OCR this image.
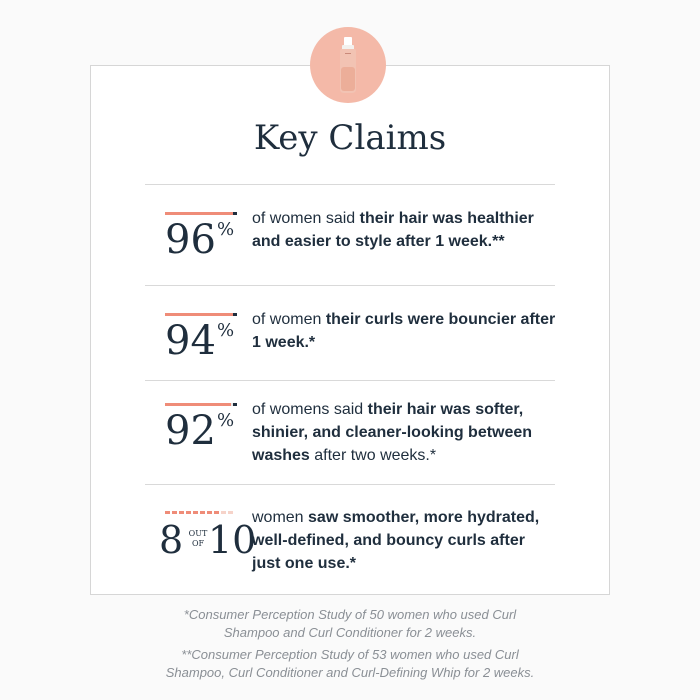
Key Claims
96 %
of women said their hair was healthier and easier to style after 1 week.**
94 %
of women their curls were bouncier after 1 week.*
92 %
of womens said their hair was softer, shinier, and cleaner-looking between washes after two weeks.*
8 OUT
OF 10
women saw smoother, more hydrated, well-defined, and bouncy curls after just one use.*
*Consumer Perception Study of 50 women who used Curl
Shampoo and Curl Conditioner for 2 weeks.
**Consumer Perception Study of 53 women who used Curl
Shampoo, Curl Conditioner and Curl-Defining Whip for 2 weeks.
